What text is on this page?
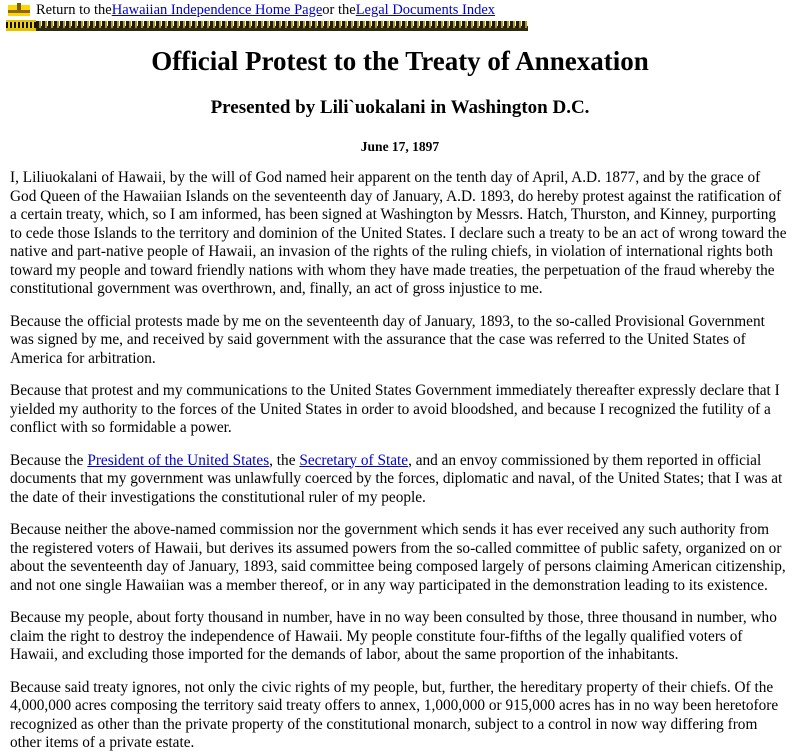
Return to the Hawaiian Independence Home Page or the Legal Documents Index
Official Protest to the Treaty of Annexation
Presented by Lili`uokalani in Washington D.C.

June 17, 1897

I, Liliuokalani of Hawaii, by the will of God named heir apparent on the tenth day of April, A.D. 1877, and by the grace of God Queen of the Hawaiian Islands on the seventeenth day of January, A.D. 1893, do hereby protest against the ratification of a certain treaty, which, so I am informed, has been signed at Washington by Messrs. Hatch, Thurston, and Kinney, purporting to cede those Islands to the territory and dominion of the United States. I declare such a treaty to be an act of wrong toward the native and part-native people of Hawaii, an invasion of the rights of the ruling chiefs, in violation of international rights both toward my people and toward friendly nations with whom they have made treaties, the perpetuation of the fraud whereby the constitutional government was overthrown, and, finally, an act of gross injustice to me.

Because the official protests made by me on the seventeenth day of January, 1893, to the so-called Provisional Government was signed by me, and received by said government with the assurance that the case was referred to the United States of America for arbitration.

Because that protest and my communications to the United States Government immediately thereafter expressly declare that I yielded my authority to the forces of the United States in order to avoid bloodshed, and because I recognized the futility of a conflict with so formidable a power.

Because the President of the United States, the Secretary of State, and an envoy commissioned by them reported in official documents that my government was unlawfully coerced by the forces, diplomatic and naval, of the United States; that I was at the date of their investigations the constitutional ruler of my people.

Because neither the above-named commission nor the government which sends it has ever received any such authority from the registered voters of Hawaii, but derives its assumed powers from the so-called committee of public safety, organized on or about the seventeenth day of January, 1893, said committee being composed largely of persons claiming American citizenship, and not one single Hawaiian was a member thereof, or in any way participated in the demonstration leading to its existence.

Because my people, about forty thousand in number, have in no way been consulted by those, three thousand in number, who claim the right to destroy the independence of Hawaii. My people constitute four-fifths of the legally qualified voters of Hawaii, and excluding those imported for the demands of labor, about the same proportion of the inhabitants.

Because said treaty ignores, not only the civic rights of my people, but, further, the hereditary property of their chiefs. Of the 4,000,000 acres composing the territory said treaty offers to annex, 1,000,000 or 915,000 acres has in no way been heretofore recognized as other than the private property of the constitutional monarch, subject to a control in now way differing from other items of a private estate.
